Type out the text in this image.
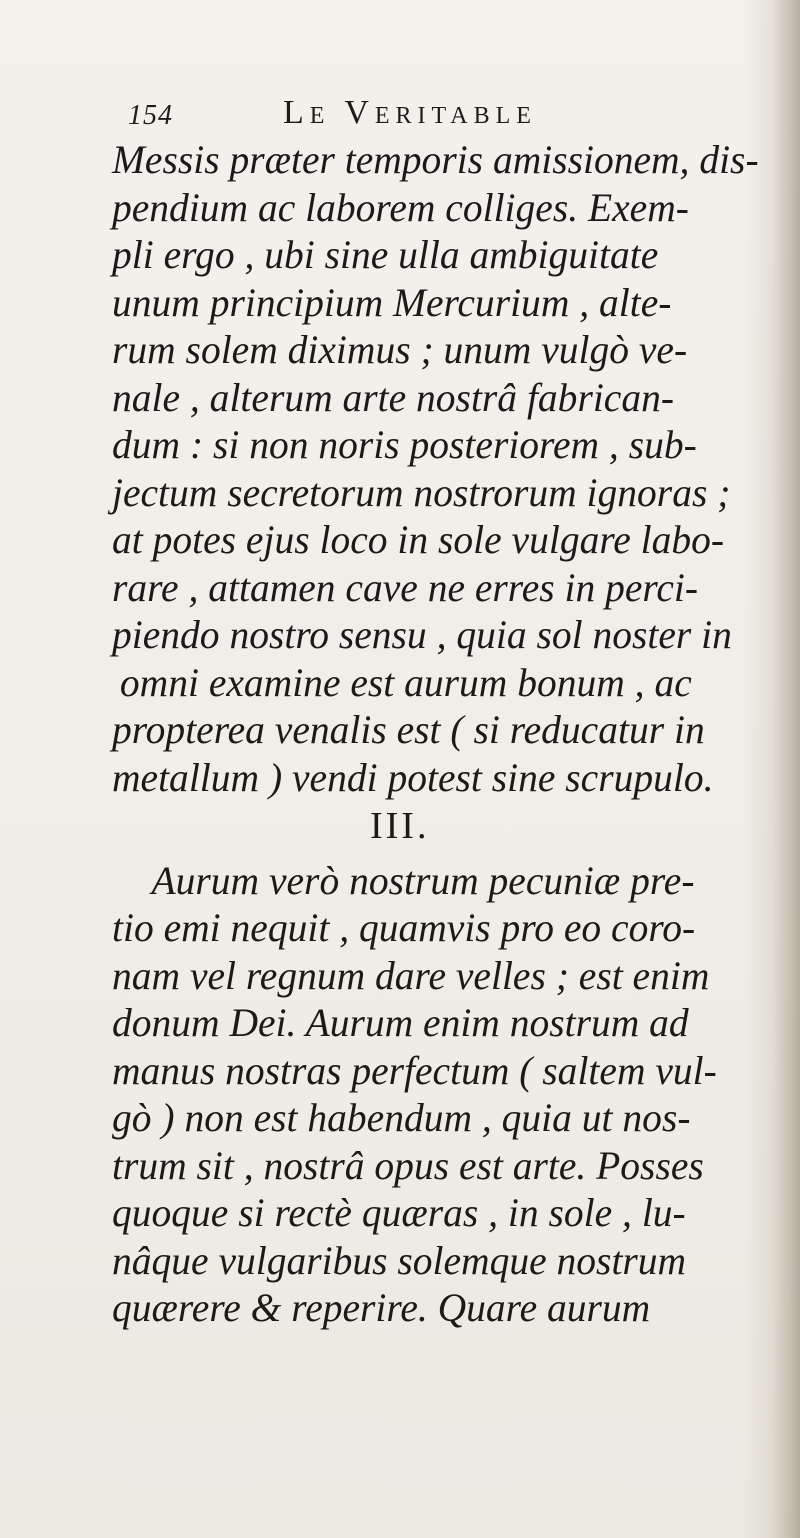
154	Le Veritable
Messis præter temporis amissionem, dis-
pendium ac laborem colliges. Exem-
pli ergo , ubi sine ulla ambiguitate
unum principium Mercurium , alte-
rum solem diximus ; unum vulgò ve-
nale , alterum arte nostrâ fabrican-
dum : si non noris posteriorem , sub-
jectum secretorum nostrorum ignoras ;
at potes ejus loco in sole vulgare labo-
rare , attamen cave ne erres in perci-
piendo nostro sensu , quia sol noster in
omni examine est aurum bonum , ac
propterea venalis est ( si reducatur in
metallum ) vendi potest sine scrupulo.
III.
Aurum verò nostrum pecuniæ pre-
tio emi nequit , quamvis pro eo coro-
nam vel regnum dare velles ; est enim
donum Dei. Aurum enim nostrum ad
manus nostras perfectum ( saltem vul-
gò ) non est habendum , quia ut nos-
trum sit , nostrâ opus est arte. Posses
quoque si rectè quæras , in sole , lu-
nâque vulgaribus solemque nostrum
quærere & reperire. Quare aurum
